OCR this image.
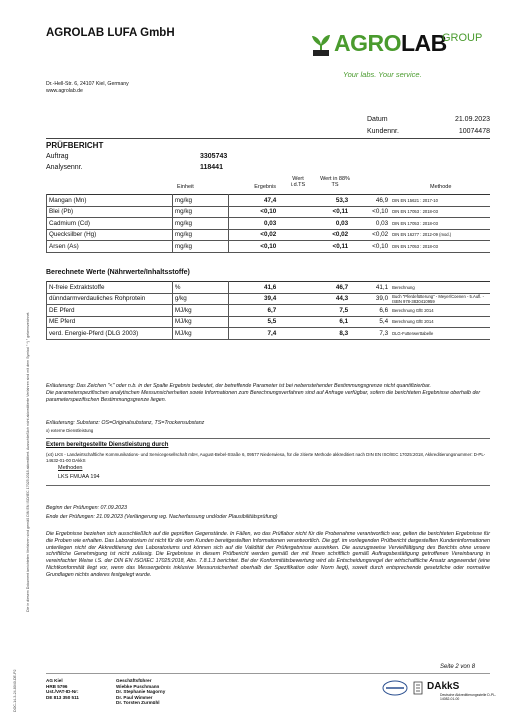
AGROLAB LUFA GmbH
Dr.-Hell-Str. 6, 24107 Kiel, Germany
www.agrolab.de
AGROLAB
GROUP
Your labs. Your service.
Datum	21.09.2023
Kundennr.	10074478
PRÜFBERICHT
Auftrag	3305743
Analysennr.	118441
Einheit	Ergebnis
Wert i.d.TS
Wert in 88% TS	Methode
Mangan (Mn)	mg/kg	47,4		53,3	46,9	DIN EN 15621 : 2017-10
Blei (Pb)	mg/kg	<0,10		<0,11	<0,10	DIN EN 17053 : 2018-03
Cadmium (Cd)	mg/kg	0,03		0,03	0,03	DIN EN 17053 : 2018-03
Quecksilber (Hg)	mg/kg	<0,02		<0,02	<0,02	DIN EN 16277 : 2012-09 (mod.)
Arsen (As)	mg/kg	<0,10		<0,11	<0,10	DIN EN 17053 : 2018-03
Berechnete Werte (Nährwerte/Inhaltsstoffe)
N-freie Extraktstoffe	%	41,6		46,7	41,1	Berechnung
dünndarmverdauliches Rohprotein	g/kg	39,4		44,3	39,0	Buch "Pferdefütterung" - Meyer/Coenen - 5.Aufl. - ISBN 978-3830410959
DE Pferd	MJ/kg	6,7		7,5	6,6	Berechnung GfE 2014
ME Pferd	MJ/kg	5,5		6,1	5,4	Berechnung GfE 2014
verd. Energie-Pferd (DLG 2003)	MJ/kg	7,4		8,3	7,3	DLG-Futterwerttabelle
Erläuterung: Das Zeichen "<" oder n.b. in der Spalte Ergebnis bedeutet, der betreffende Parameter ist bei nebenstehender Bestimmungsgrenze nicht quantifizierbar.
Die parameterspezifischen analytischen Messunsicherheiten sowie Informationen zum Berechnungsverfahren sind auf Anfrage verfügbar, sofern die berichteten Ergebnisse oberhalb der parameterspezifischen Bestimmungsgrenze liegen.
Erläuterung: Substanz: OS=Originalsubstanz, TS=Trockensubstanz
x) externe Dienstleistung
Extern bereitgestellte Dienstleistung durch
(x4) LKS - Landwirtschaftliche Kommunikations- und Servicegesellschaft mbH, August-Bebel-Straße 6, 09577 Niederwiesa, für die zitierte Methode akkreditiert nach DIN EN ISO/IEC 17025:2018, Akkreditierungsnummer: D-PL-14632-01-00 DAkkS
Methoden
LKS FMUAA 194
Beginn der Prüfungen: 07.09.2023
Ende der Prüfungen: 21.09.2023 (Verlängerung wg. Nacherfassung und/oder Plausibilitätsprüfung)
Die Ergebnisse beziehen sich ausschließlich auf die geprüften Gegenstände. In Fällen, wo das Prüflabor nicht für die Probenahme verantwortlich war, gelten die berichteten Ergebnisse für die Proben wie erhalten. Das Laboratorium ist nicht für die vom Kunden bereitgestellten Informationen verantwortlich. Die ggf. im vorliegenden Prüfbericht dargestellten Kundeninformationen unterliegen nicht der Akkreditierung des Laboratoriums und können sich auf die Validität der Prüfergebnisse auswirken. Die auszugsweise Vervielfältigung des Berichts ohne unsere schriftliche Genehmigung ist nicht zulässig. Die Ergebnisse in diesem Prüfbericht werden gemäß der mit Ihnen schriftlich gemäß Auftragsbestätigung getroffenen Vereinbarung in vereinfachter Weise i.S. der DIN EN ISO/IEC 17025:2018, Abs. 7.8.1.3 berichtet. Bei der Konformitätsbewertung wird als Entscheidungsregel der wirtschaftliche Ansatz angewendet (eine Nichtkonformität liegt vor, wenn das Messergebnis inklusive Messunsicherheit oberhalb der Spezifikation oder Norm liegt), soweit durch entsprechende gesetzliche oder normative Grundlagen nichts anderes festgelegt wurde.
Seite 2 von 8
Die in diesem Dokument berichteten Verfahren sind gemäß DIN EN ISO/IEC 17025:2018 akkreditiert. Ausschließlich nicht akkreditierte Verfahren sind mit dem Symbol " *) " gekennzeichnet.
DOC-14-3-24-8040-DE-P2	AG Kiel
HRB 5796
Ust./VAT-ID-Nr:
DE 813 350 511
Geschäftsführer
Wiebke Puschmann
Dr. Stephanie Nagorny
Dr. Paul Wimmer
Dr. Torsten Zurmühl
DAkkS
Deutsche Akkreditierungsstelle D-PL-14082-01-00
